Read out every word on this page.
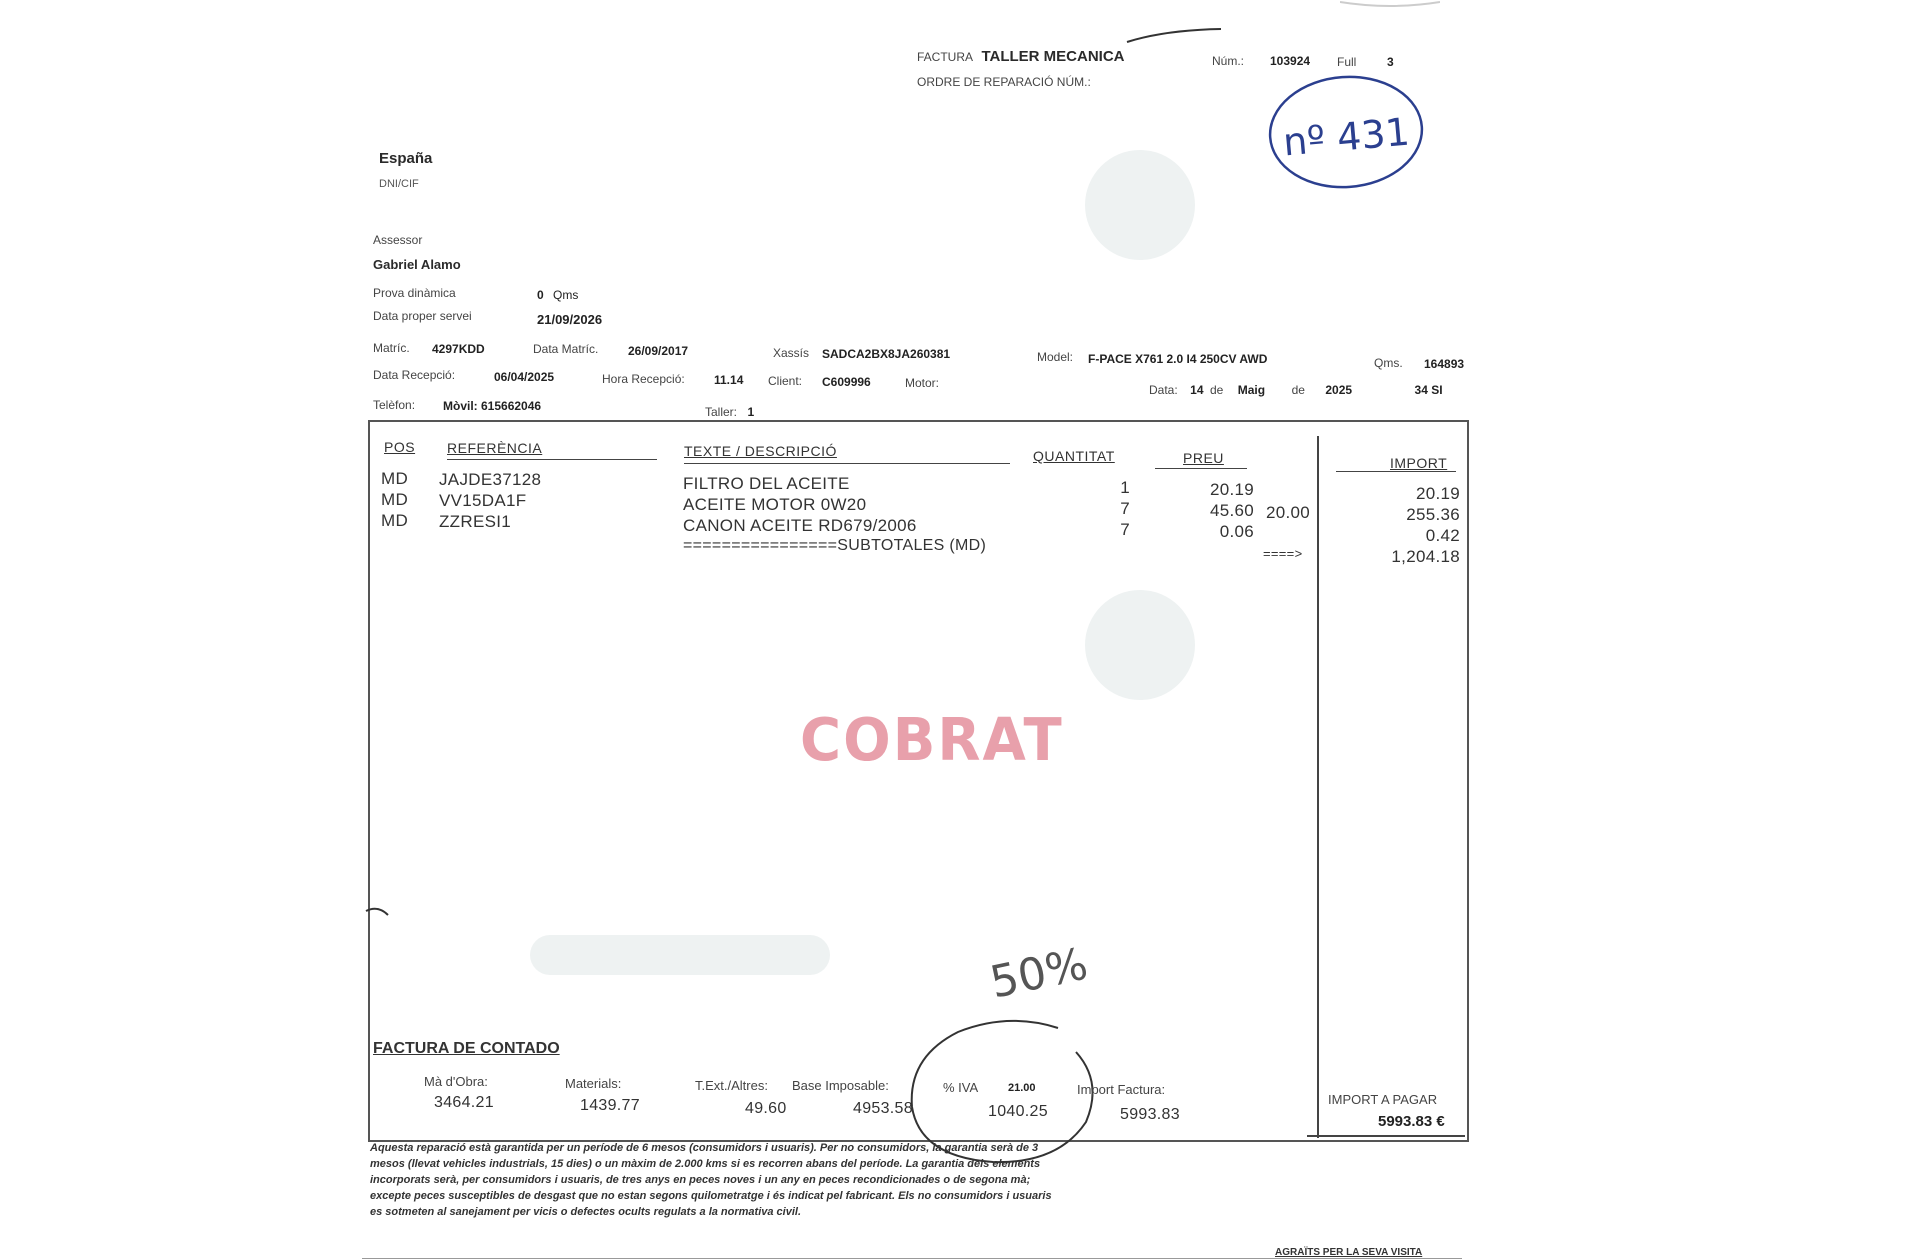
FACTURA TALLER MECANICA
ORDRE DE REPARACIÓ NÚM.:
Núm.: 103924 Full	3
nº 431
España
DNI/CIF
Assessor
Gabriel Alamo
Prova dinàmica	0 Qms
Data proper servei	21/09/2026
Matríc. 4297KDD	Data Matríc. 26/09/2017	Xassís SADCA2BX8JA260381	Model: F-PACE X761 2.0 I4 250CV AWD	Qms. 164893
Data Recepció:	06/04/2025	Hora Recepció: 11.14 Client: C609996	Motor:	Data: 14 de Maig de 2025	34 SI
Telèfon: Mòvil: 615662046	Taller: 1
POS REFERÈNCIA	TEXTE / DESCRIPCIÓ	QUANTITAT	PREU	IMPORT
MD JAJDE37128	FILTRO DEL ACEITE	1	20.19	20.19
MD VV15DA1F	ACEITE MOTOR 0W20	7	45.60 20.00	255.36
MD ZZRESI1	CANON ACEITE RD679/2006	7	0.06	0.42
================SUBTOTALES (MD)	====>	1,204.18
COBRAT
50%
FACTURA DE CONTADO
Mà d'Obra:
3464.21
Materials:
1439.77
T.Ext./Altres:
49.60
Base Imposable:
4953.58
% IVA	21.00
1040.25
Import Factura:
5993.83
IMPORT A PAGAR
5993.83 €
Aquesta reparació està garantida per un període de 6 mesos (consumidors i usuaris). Per no consumidors, la garantia serà de 3
mesos (llevat vehicles industrials, 15 dies) o un màxim de 2.000 kms si es recorren abans del període. La garantia dels elements
incorporats serà, per consumidors i usuaris, de tres anys en peces noves i un any en peces recondicionades o de segona mà;
excepte peces susceptibles de desgast que no estan segons quilometratge i és indicat pel fabricant. Els no consumidors i usuaris
es sotmeten al sanejament per vicis o defectes ocults regulats a la normativa civil.
AGRAÏTS PER LA SEVA VISITA
